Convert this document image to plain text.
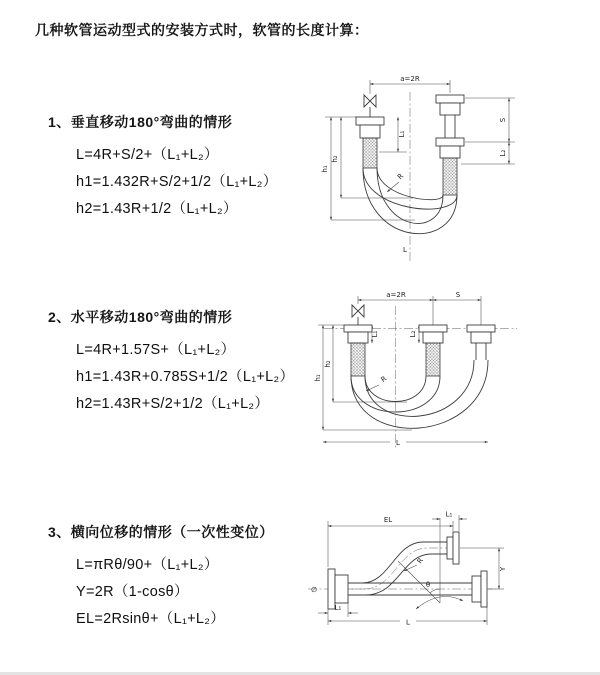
几种软管运动型式的安装方式时，软管的长度计算：
1、垂直移动180°弯曲的情形
L=4R+S/2+（L₁+L₂）
h1=1.432R+S/2+1/2（L₁+L₂）
h2=1.43R+1/2（L₁+L₂）
2、水平移动180°弯曲的情形
L=4R+1.57S+（L₁+L₂）
h1=1.43R+0.785S+1/2（L₁+L₂）
h2=1.43R+S/2+1/2（L₁+L₂）
3、横向位移的情形（一次性变位）
L=πRθ/90+（L₁+L₂）
Y=2R（1-cosθ）
EL=2Rsinθ+（L₁+L₂）
a=2R
h₁
h₂
L₁
S
L₂
R
L
a=2R	S
h₁
h₂
L₁	L₂
R
L
EL
L₁
Y
R
θ
L
L₁
∅
